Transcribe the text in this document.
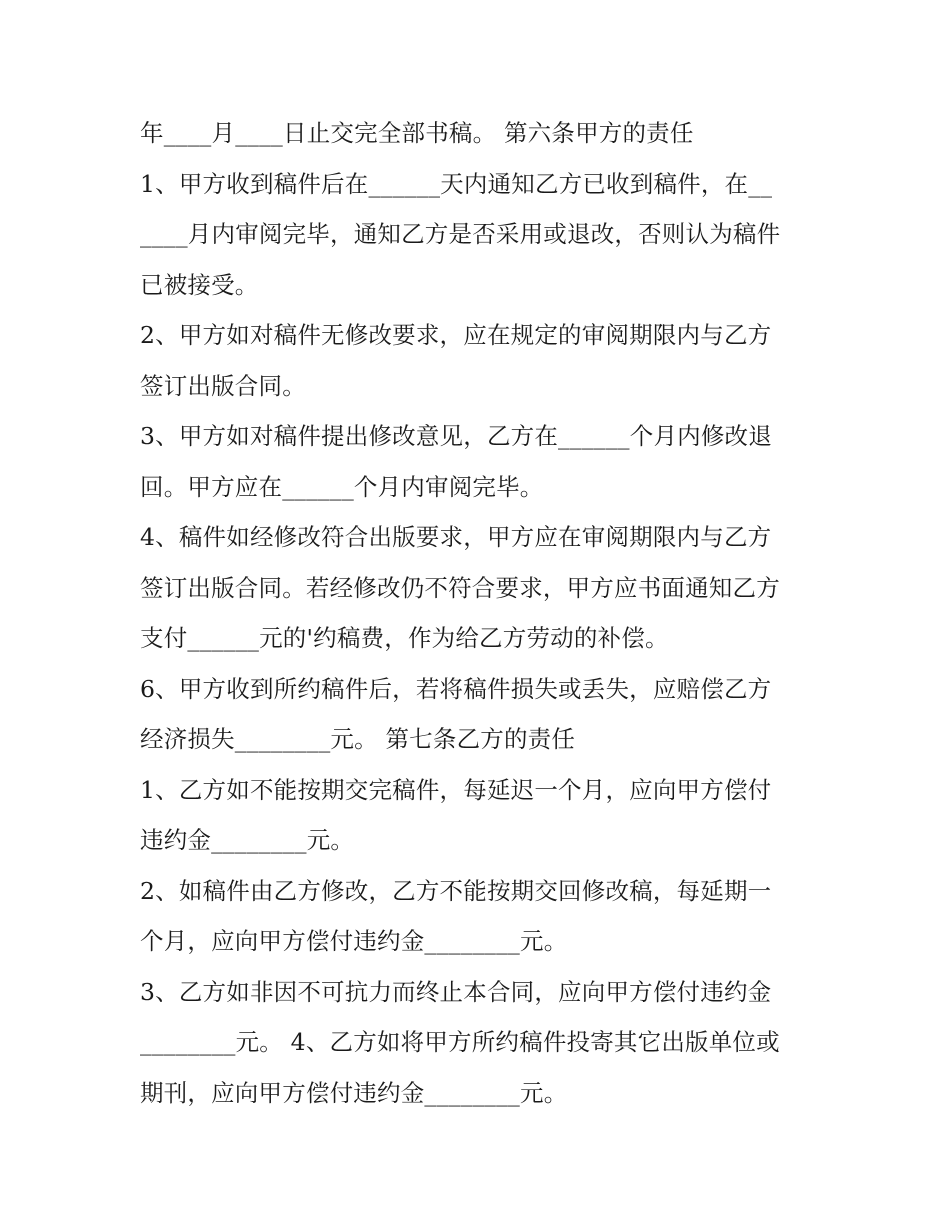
年____月____日止交完全部书稿。 第六条甲方的责任
1、甲方收到稿件后在______天内通知乙方已收到稿件，在__
____月内审阅完毕，通知乙方是否采用或退改，否则认为稿件
已被接受。
2、甲方如对稿件无修改要求，应在规定的审阅期限内与乙方
签订出版合同。
3、甲方如对稿件提出修改意见，乙方在______个月内修改退
回。甲方应在______个月内审阅完毕。
4、稿件如经修改符合出版要求，甲方应在审阅期限内与乙方
签订出版合同。若经修改仍不符合要求，甲方应书面通知乙方
支付______元的'约稿费，作为给乙方劳动的补偿。
6、甲方收到所约稿件后，若将稿件损失或丢失，应赔偿乙方
经济损失________元。 第七条乙方的责任
1、乙方如不能按期交完稿件，每延迟一个月，应向甲方偿付
违约金________元。
2、如稿件由乙方修改，乙方不能按期交回修改稿，每延期一
个月，应向甲方偿付违约金________元。
3、乙方如非因不可抗力而终止本合同，应向甲方偿付违约金
________元。 4、乙方如将甲方所约稿件投寄其它出版单位或
期刊，应向甲方偿付违约金________元。
